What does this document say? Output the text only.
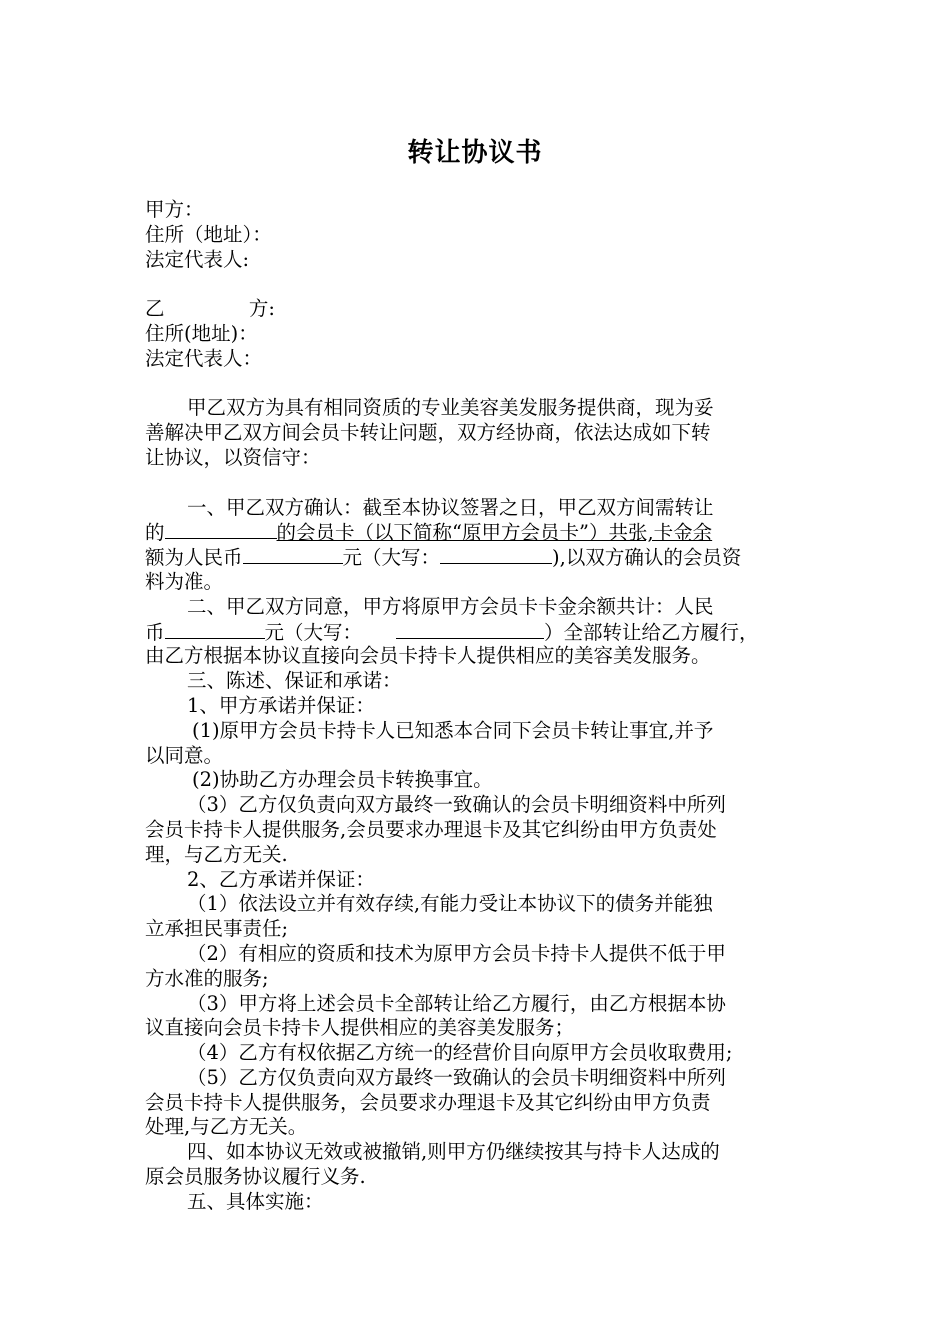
转让协议书
甲方：
住所（地址）：
法定代表人:
乙	方:
住所(地址)：
法定代表人：
甲乙双方为具有相同资质的专业美容美发服务提供商，现为妥
善解决甲乙双方间会员卡转让问题，双方经协商，依法达成如下转
让协议，以资信守：
一、甲乙双方确认：截至本协议签署之日，甲乙双方间需转让
的	的会员卡（以下简称“原甲方会员卡”）共张,卡金余
额为人民币	元（大写：	),以双方确认的会员资
料为准。
二、甲乙双方同意，甲方将原甲方会员卡卡金余额共计：人民
币	元（大写：	）全部转让给乙方履行，
由乙方根据本协议直接向会员卡持卡人提供相应的美容美发服务。
三、陈述、保证和承诺：
1、甲方承诺并保证：
(1)原甲方会员卡持卡人已知悉本合同下会员卡转让事宜,并予
以同意。
(2)协助乙方办理会员卡转换事宜。
（3）乙方仅负责向双方最终一致确认的会员卡明细资料中所列
会员卡持卡人提供服务,会员要求办理退卡及其它纠纷由甲方负责处
理，与乙方无关.
2、乙方承诺并保证：
（1）依法设立并有效存续,有能力受让本协议下的债务并能独
立承担民事责任;
（2）有相应的资质和技术为原甲方会员卡持卡人提供不低于甲
方水准的服务;
（3）甲方将上述会员卡全部转让给乙方履行，由乙方根据本协
议直接向会员卡持卡人提供相应的美容美发服务；
（4）乙方有权依据乙方统一的经营价目向原甲方会员收取费用;
（5）乙方仅负责向双方最终一致确认的会员卡明细资料中所列
会员卡持卡人提供服务，会员要求办理退卡及其它纠纷由甲方负责
处理,与乙方无关。
四、如本协议无效或被撤销,则甲方仍继续按其与持卡人达成的
原会员服务协议履行义务.
五、具体实施：
